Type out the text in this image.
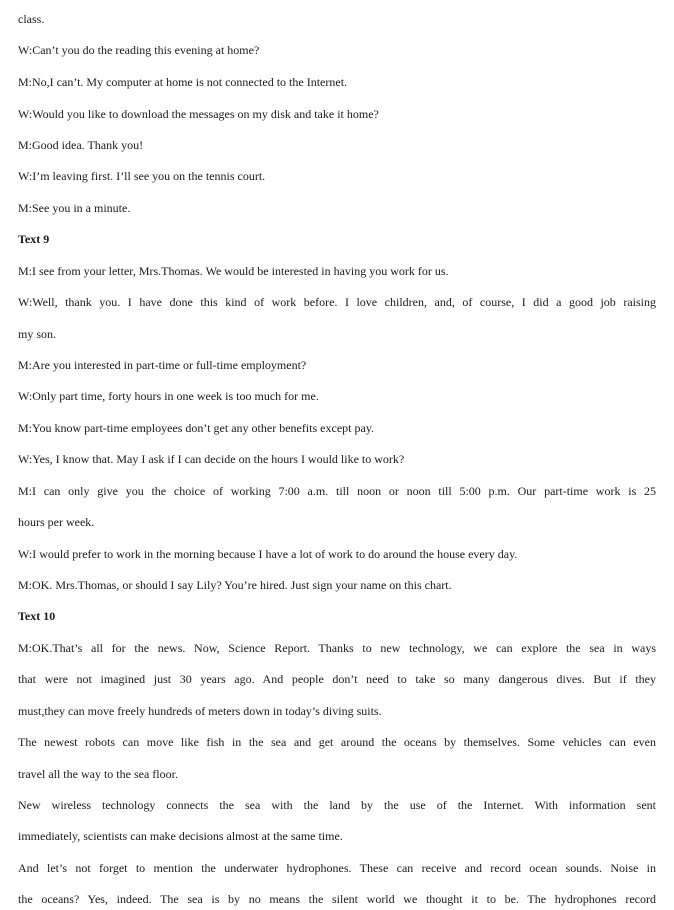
class.
W:Can’t you do the reading this evening at home?
M:No,I can’t. My computer at home is not connected to the Internet.
W:Would you like to download the messages on my disk and take it home?
M:Good idea. Thank you!
W:I’m leaving first. I’ll see you on the tennis court.
M:See you in a minute.
Text 9
M:I see from your letter, Mrs.Thomas. We would be interested in having you work for us.
W:Well, thank you. I have done this kind of work before. I love children, and, of course, I did a good job raising
my son.
M:Are you interested in part-time or full-time employment?
W:Only part time, forty hours in one week is too much for me.
M:You know part-time employees don’t get any other benefits except pay.
W:Yes, I know that. May I ask if I can decide on the hours I would like to work?
M:I can only give you the choice of working 7:00 a.m. till noon or noon till 5:00 p.m. Our part-time work is 25
hours per week.
W:I would prefer to work in the morning because I have a lot of work to do around the house every day.
M:OK. Mrs.Thomas, or should I say Lily? You’re hired. Just sign your name on this chart.
Text 10
M:OK.That’s all for the news. Now, Science Report. Thanks to new technology, we can explore the sea in ways
that were not imagined just 30 years ago. And people don’t need to take so many dangerous dives. But if they
must,they can move freely hundreds of meters down in today’s diving suits.
The newest robots can move like fish in the sea and get around the oceans by themselves. Some vehicles can even
travel all the way to the sea floor.
New wireless technology connects the sea with the land by the use of the Internet. With information sent
immediately, scientists can make decisions almost at the same time.
And let’s not forget to mention the underwater hydrophones. These can receive and record ocean sounds. Noise in
the oceans? Yes, indeed. The sea is by no means the silent world we thought it to be. The hydrophones record
